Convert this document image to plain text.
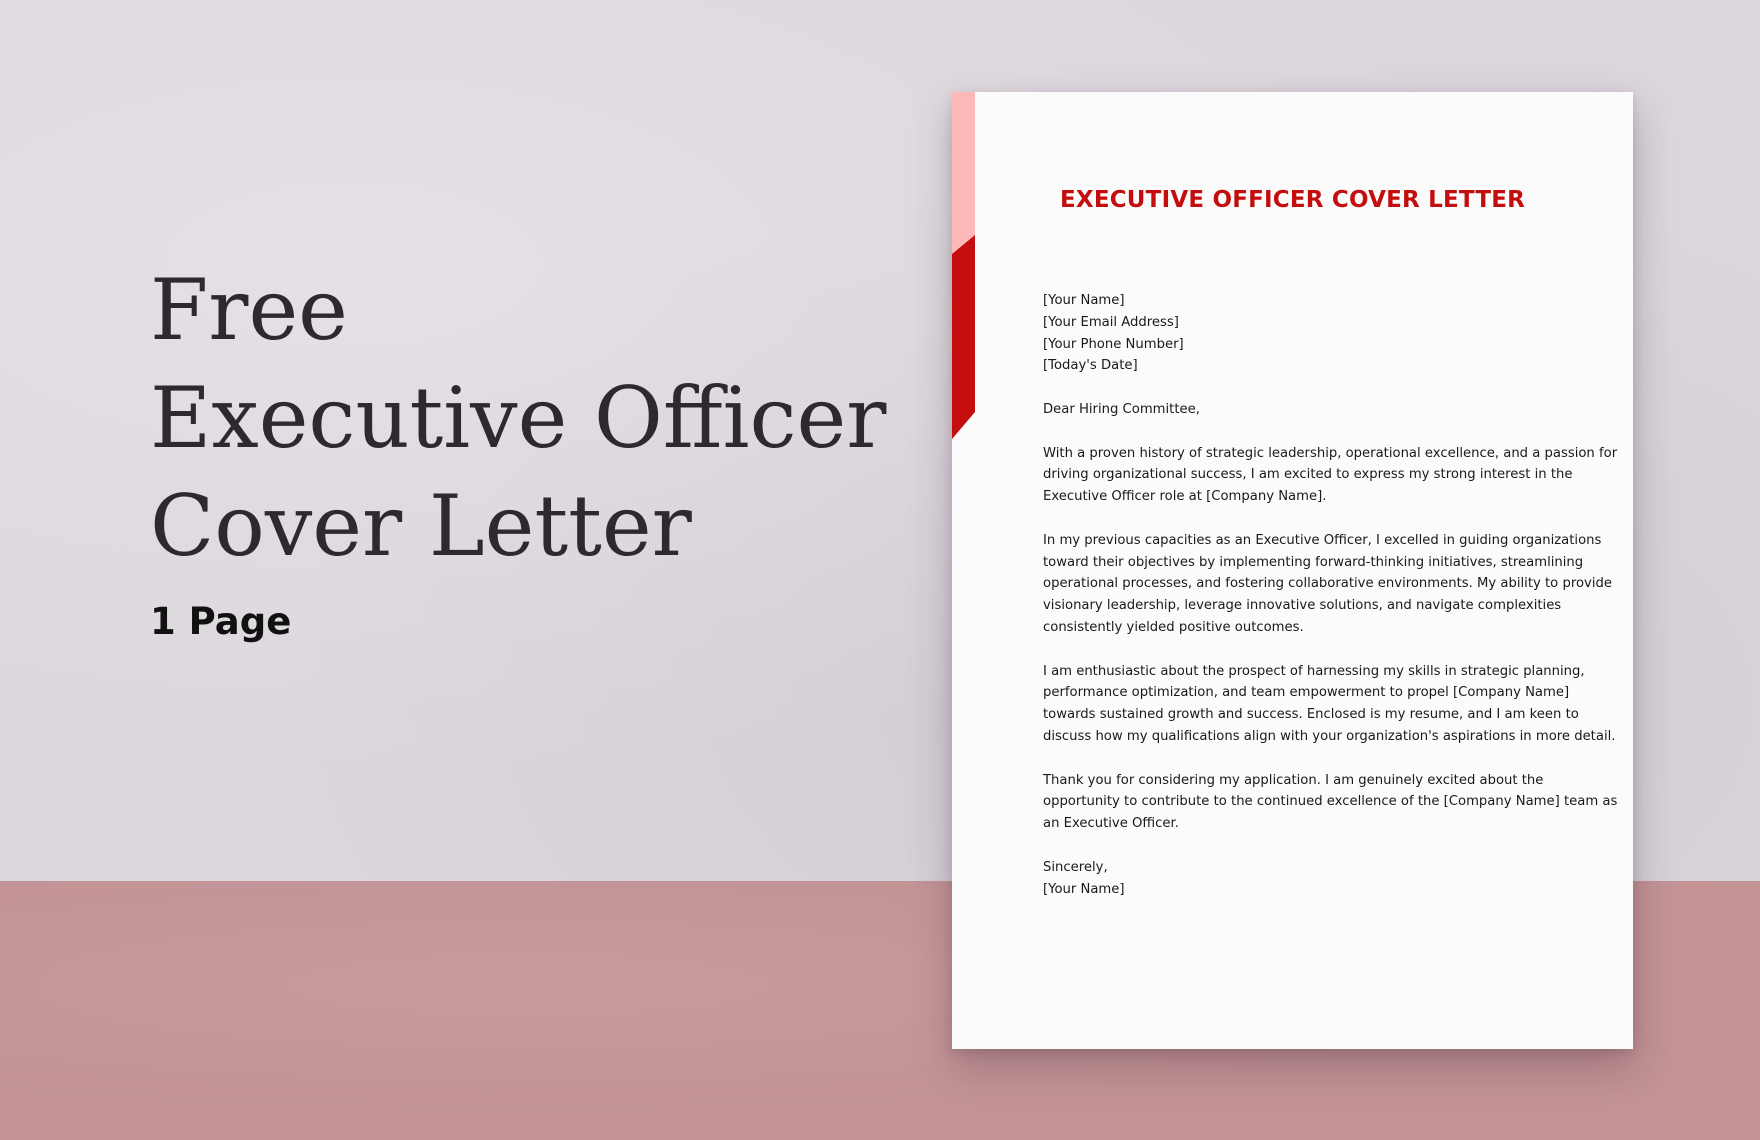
Free
Executive Officer
Cover Letter

1 Page

EXECUTIVE OFFICER COVER LETTER

[Your Name]
[Your Email Address]
[Your Phone Number]
[Today's Date]

Dear Hiring Committee,

With a proven history of strategic leadership, operational excellence, and a passion for driving organizational success, I am excited to express my strong interest in the Executive Officer role at [Company Name].

In my previous capacities as an Executive Officer, I excelled in guiding organizations toward their objectives by implementing forward-thinking initiatives, streamlining operational processes, and fostering collaborative environments. My ability to provide visionary leadership, leverage innovative solutions, and navigate complexities consistently yielded positive outcomes.

I am enthusiastic about the prospect of harnessing my skills in strategic planning, performance optimization, and team empowerment to propel [Company Name] towards sustained growth and success. Enclosed is my resume, and I am keen to discuss how my qualifications align with your organization's aspirations in more detail.

Thank you for considering my application. I am genuinely excited about the opportunity to contribute to the continued excellence of the [Company Name] team as an Executive Officer.

Sincerely,
[Your Name]
